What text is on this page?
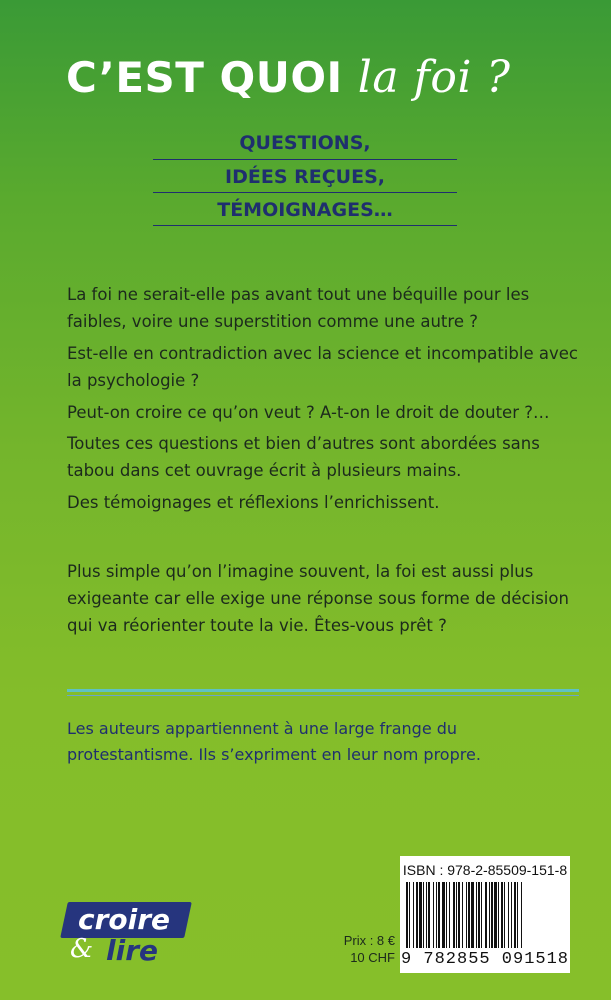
C’EST QUOI la foi ?
QUESTIONS,
IDÉES REÇUES,
TÉMOIGNAGES…

La foi ne serait-elle pas avant tout une béquille pour les faibles, voire une superstition comme une autre ?

Est-elle en contradiction avec la science et incompatible avec la psychologie ?

Peut-on croire ce qu’on veut ? A-t-on le droit de douter ?…

Toutes ces questions et bien d’autres sont abordées sans tabou dans cet ouvrage écrit à plusieurs mains.

Des témoignages et réflexions l’enrichissent.

Plus simple qu’on l’imagine souvent, la foi est aussi plus exigeante car elle exige une réponse sous forme de décision qui va réorienter toute la vie. Êtes-vous prêt ?

Les auteurs appartiennent à une large frange du protestantisme. Ils s’expriment en leur nom propre.

croire
& lire	Prix : 8 €
10 CHF
ISBN : 978-2-85509-151-8
9 782855 091518
